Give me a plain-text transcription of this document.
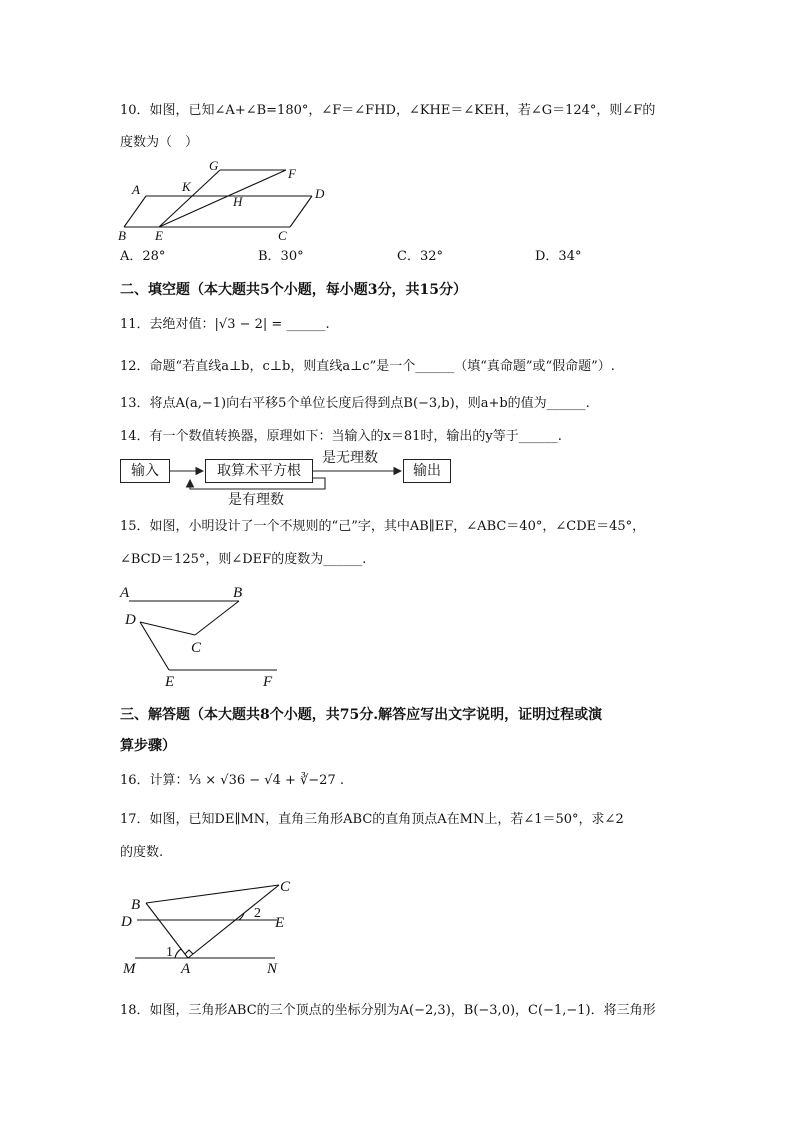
10．如图，已知∠A+∠B=180°，∠F＝∠FHD，∠KHE＝∠KEH，若∠G＝124°，则∠F的
度数为（　）
A
B	C
D
E
F
G
H
K
A．28°	B．30°	C．32°	D．34°
二、填空题（本大题共5个小题，每小题3分，共15分）
11．去绝对值：|√3 − 2| = ______.
12．命题“若直线a⊥b，c⊥b，则直线a⊥c”是一个______（填“真命题”或“假命题”）.
13．将点A(a,−1)向右平移5个单位长度后得到点B(−3,b)，则a+b的值为______.
14．有一个数值转换器，原理如下：当输入的x＝81时，输出的y等于______.
输入	取算术平方根	输出
是无理数
是有理数
15．如图，小明设计了一个不规则的“己”字，其中AB∥EF，∠ABC＝40°，∠CDE＝45°，
∠BCD＝125°，则∠DEF的度数为______.
A	B
C
D
E	F
三、解答题（本大题共8个小题，共75分.解答应写出文字说明，证明过程或演
算步骤）
16．计算：⅓ × √36 − √4 + ∛−27 .
17．如图，已知DE∥MN，直角三角形ABC的直角顶点A在MN上，若∠1＝50°，求∠2
的度数.
B
C
D	E
M	A	N
1
2
18．如图，三角形ABC的三个顶点的坐标分别为A(−2,3)，B(−3,0)，C(−1,−1)．将三角形
